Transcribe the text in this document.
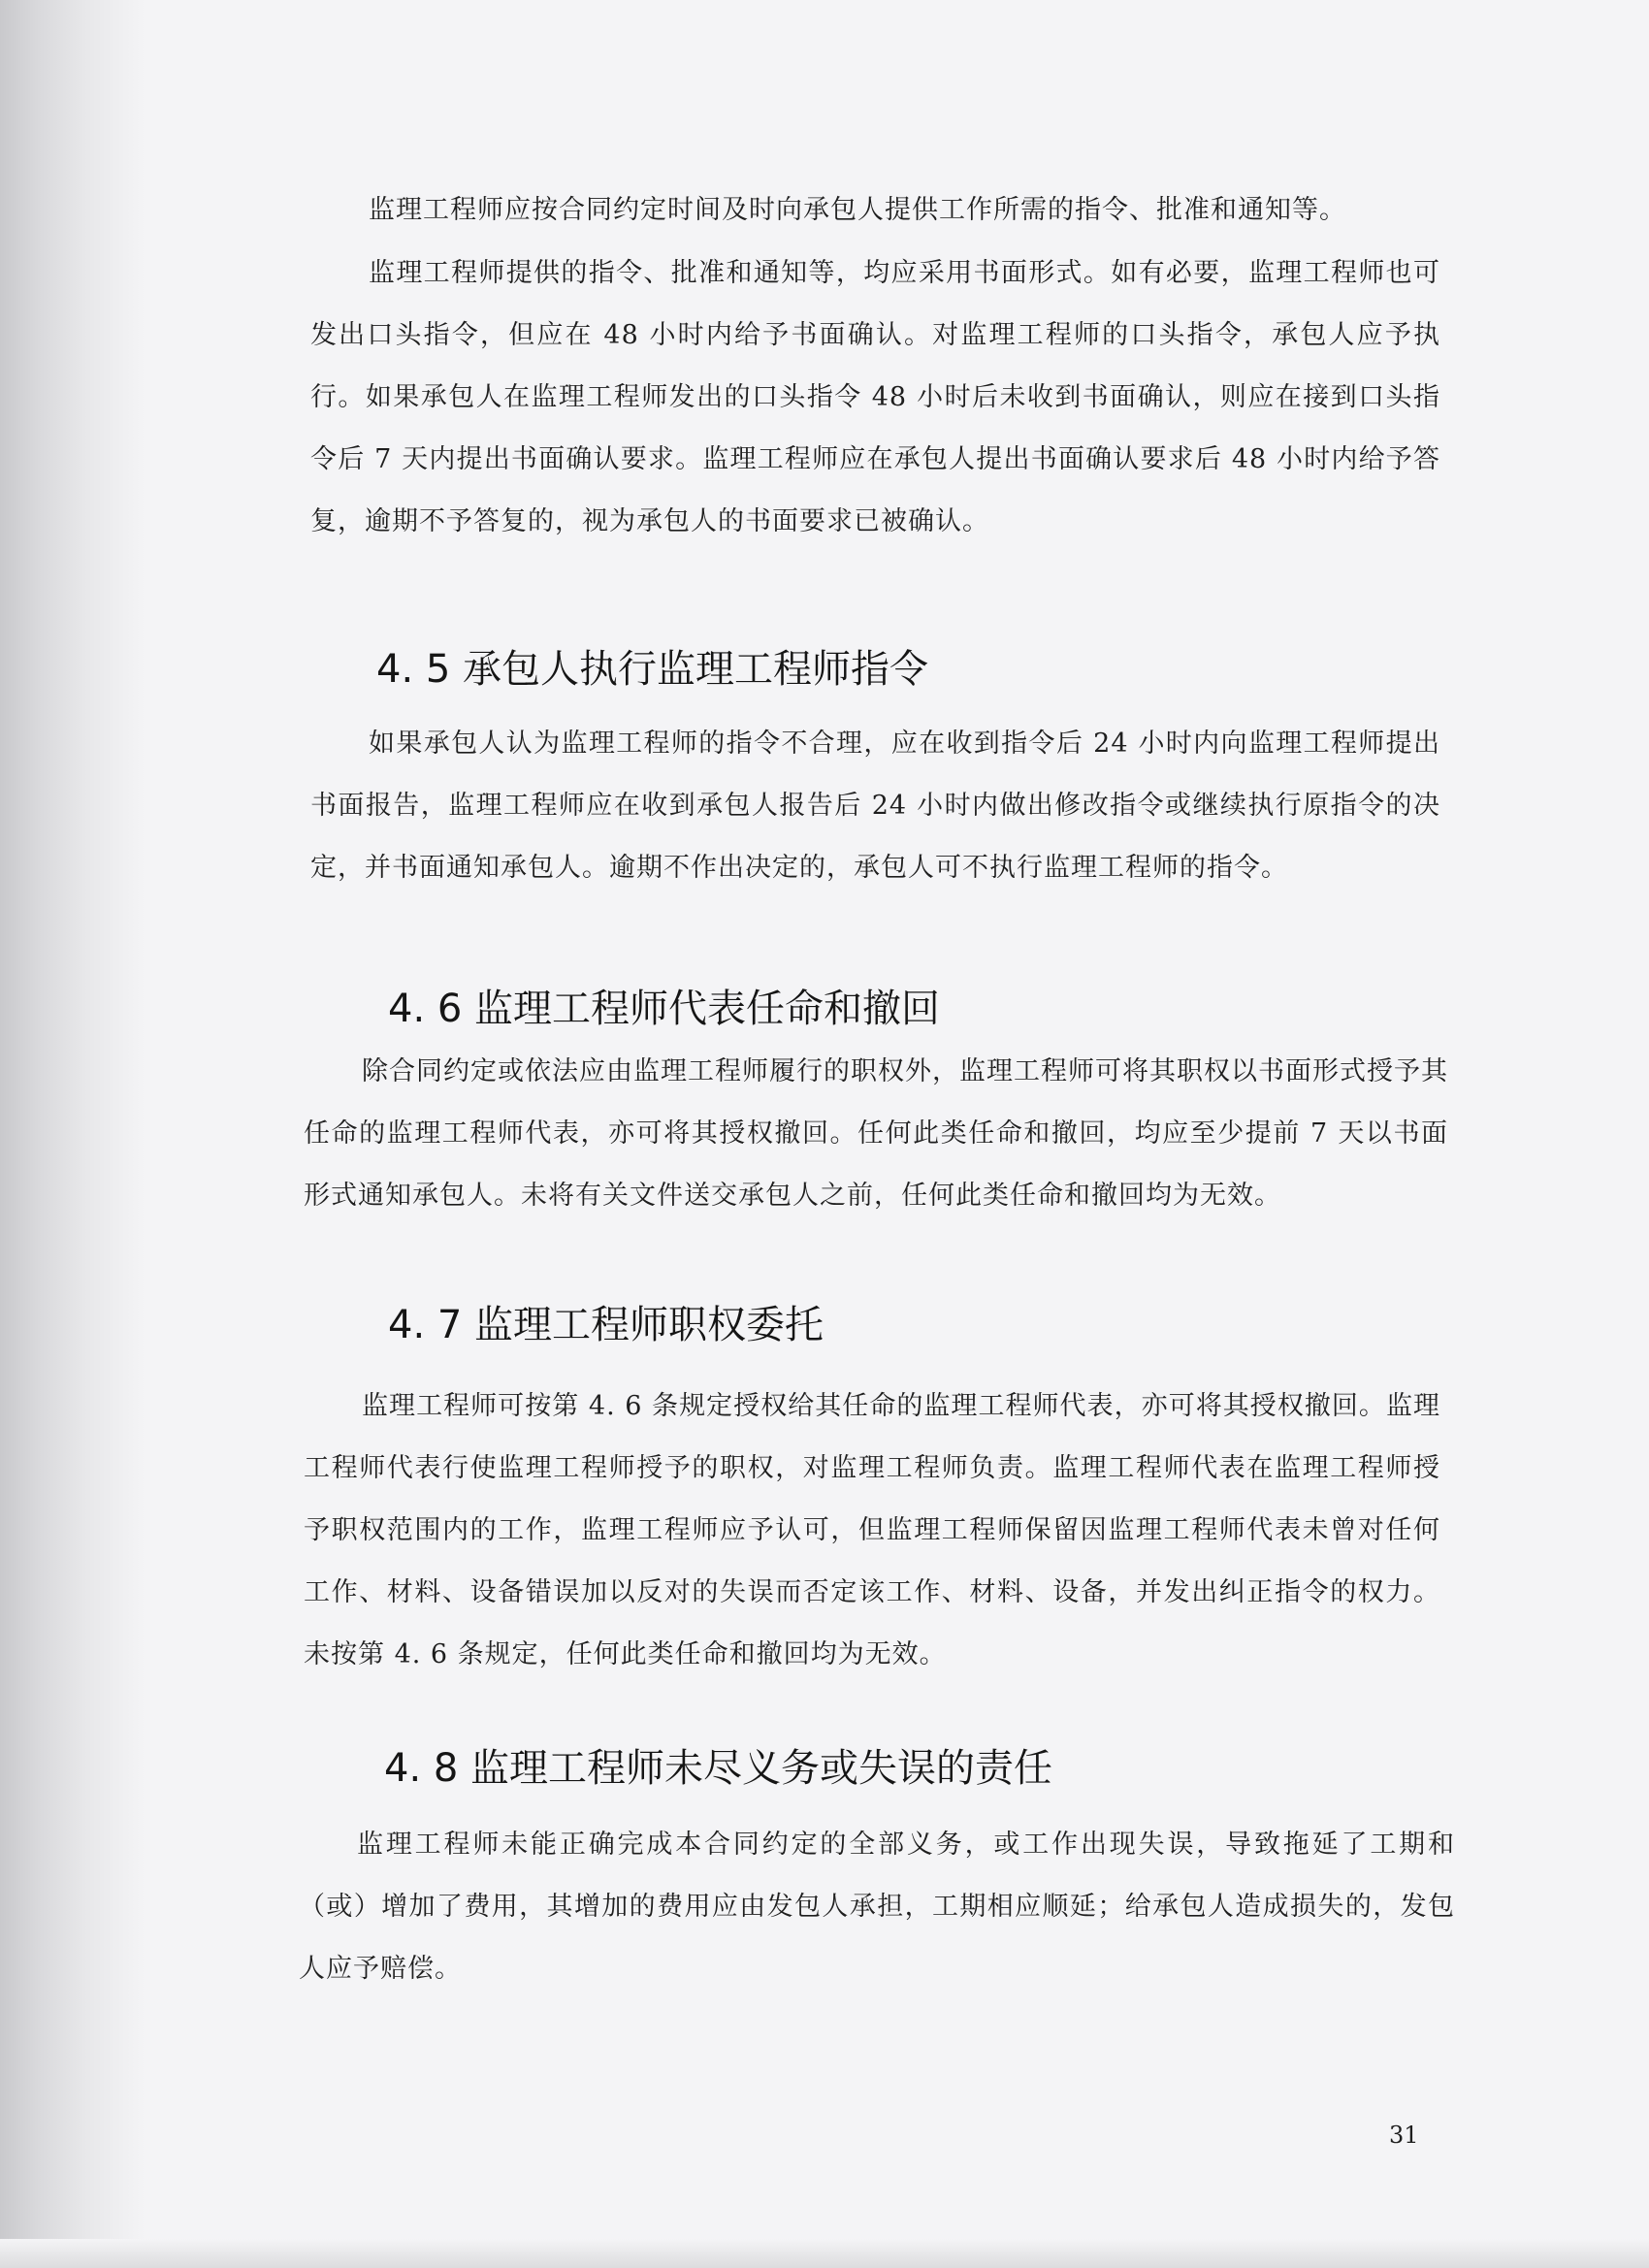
监理工程师应按合同约定时间及时向承包人提供工作所需的指令、批准和通知等。

监理工程师提供的指令、批准和通知等，均应采用书面形式。如有必要，监理工程师也可发出口头指令，但应在 48 小时内给予书面确认。对监理工程师的口头指令，承包人应予执行。如果承包人在监理工程师发出的口头指令 48 小时后未收到书面确认，则应在接到口头指令后 7 天内提出书面确认要求。监理工程师应在承包人提出书面确认要求后 48 小时内给予答复，逾期不予答复的，视为承包人的书面要求已被确认。

4. 5 承包人执行监理工程师指令

如果承包人认为监理工程师的指令不合理，应在收到指令后 24 小时内向监理工程师提出书面报告，监理工程师应在收到承包人报告后 24 小时内做出修改指令或继续执行原指令的决定，并书面通知承包人。逾期不作出决定的，承包人可不执行监理工程师的指令。

4. 6 监理工程师代表任命和撤回

除合同约定或依法应由监理工程师履行的职权外，监理工程师可将其职权以书面形式授予其任命的监理工程师代表，亦可将其授权撤回。任何此类任命和撤回，均应至少提前 7 天以书面形式通知承包人。未将有关文件送交承包人之前，任何此类任命和撤回均为无效。

4. 7 监理工程师职权委托

监理工程师可按第 4. 6 条规定授权给其任命的监理工程师代表，亦可将其授权撤回。监理工程师代表行使监理工程师授予的职权，对监理工程师负责。监理工程师代表在监理工程师授予职权范围内的工作，监理工程师应予认可，但监理工程师保留因监理工程师代表未曾对任何工作、材料、设备错误加以反对的失误而否定该工作、材料、设备，并发出纠正指令的权力。未按第 4. 6 条规定，任何此类任命和撤回均为无效。

4. 8 监理工程师未尽义务或失误的责任

监理工程师未能正确完成本合同约定的全部义务，或工作出现失误，导致拖延了工期和（或）增加了费用，其增加的费用应由发包人承担，工期相应顺延；给承包人造成损失的，发包人应予赔偿。

31
